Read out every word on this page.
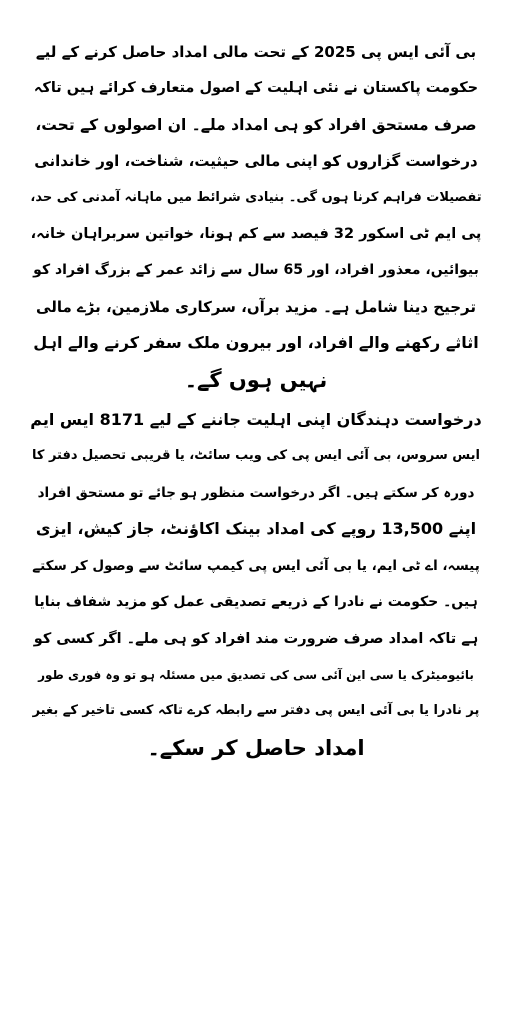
بی آئی ایس پی 2025 کے تحت مالی امداد حاصل کرنے کے لیے
حکومت پاکستان نے نئی اہلیت کے اصول متعارف کرائے ہیں تاکہ
صرف مستحق افراد کو ہی امداد ملے۔ ان اصولوں کے تحت،
درخواست گزاروں کو اپنی مالی حیثیت، شناخت، اور خاندانی
تفصیلات فراہم کرنا ہوں گی۔ بنیادی شرائط میں ماہانہ آمدنی کی حد،
پی ایم ٹی اسکور 32 فیصد سے کم ہونا، خواتین سربراہان خانہ،
بیوائیں، معذور افراد، اور 65 سال سے زائد عمر کے بزرگ افراد کو
ترجیح دینا شامل ہے۔ مزید برآں، سرکاری ملازمین، بڑے مالی
اثاثے رکھنے والے افراد، اور بیرون ملک سفر کرنے والے اہل
نہیں ہوں گے۔

درخواست دہندگان اپنی اہلیت جاننے کے لیے 8171 ایس ایم
ایس سروس، بی آئی ایس پی کی ویب سائٹ، یا قریبی تحصیل دفتر کا
دورہ کر سکتے ہیں۔ اگر درخواست منظور ہو جائے تو مستحق افراد
اپنے 13,500 روپے کی امداد بینک اکاؤنٹ، جاز کیش، ایزی
پیسہ، اے ٹی ایم، یا بی آئی ایس پی کیمپ سائٹ سے وصول کر سکتے
ہیں۔ حکومت نے نادرا کے ذریعے تصدیقی عمل کو مزید شفاف بنایا
ہے تاکہ امداد صرف ضرورت مند افراد کو ہی ملے۔ اگر کسی کو
بائیومیٹرک یا سی این آئی سی کی تصدیق میں مسئلہ ہو تو وہ فوری طور
پر نادرا یا بی آئی ایس پی دفتر سے رابطہ کرے تاکہ کسی تاخیر کے بغیر
امداد حاصل کر سکے۔
